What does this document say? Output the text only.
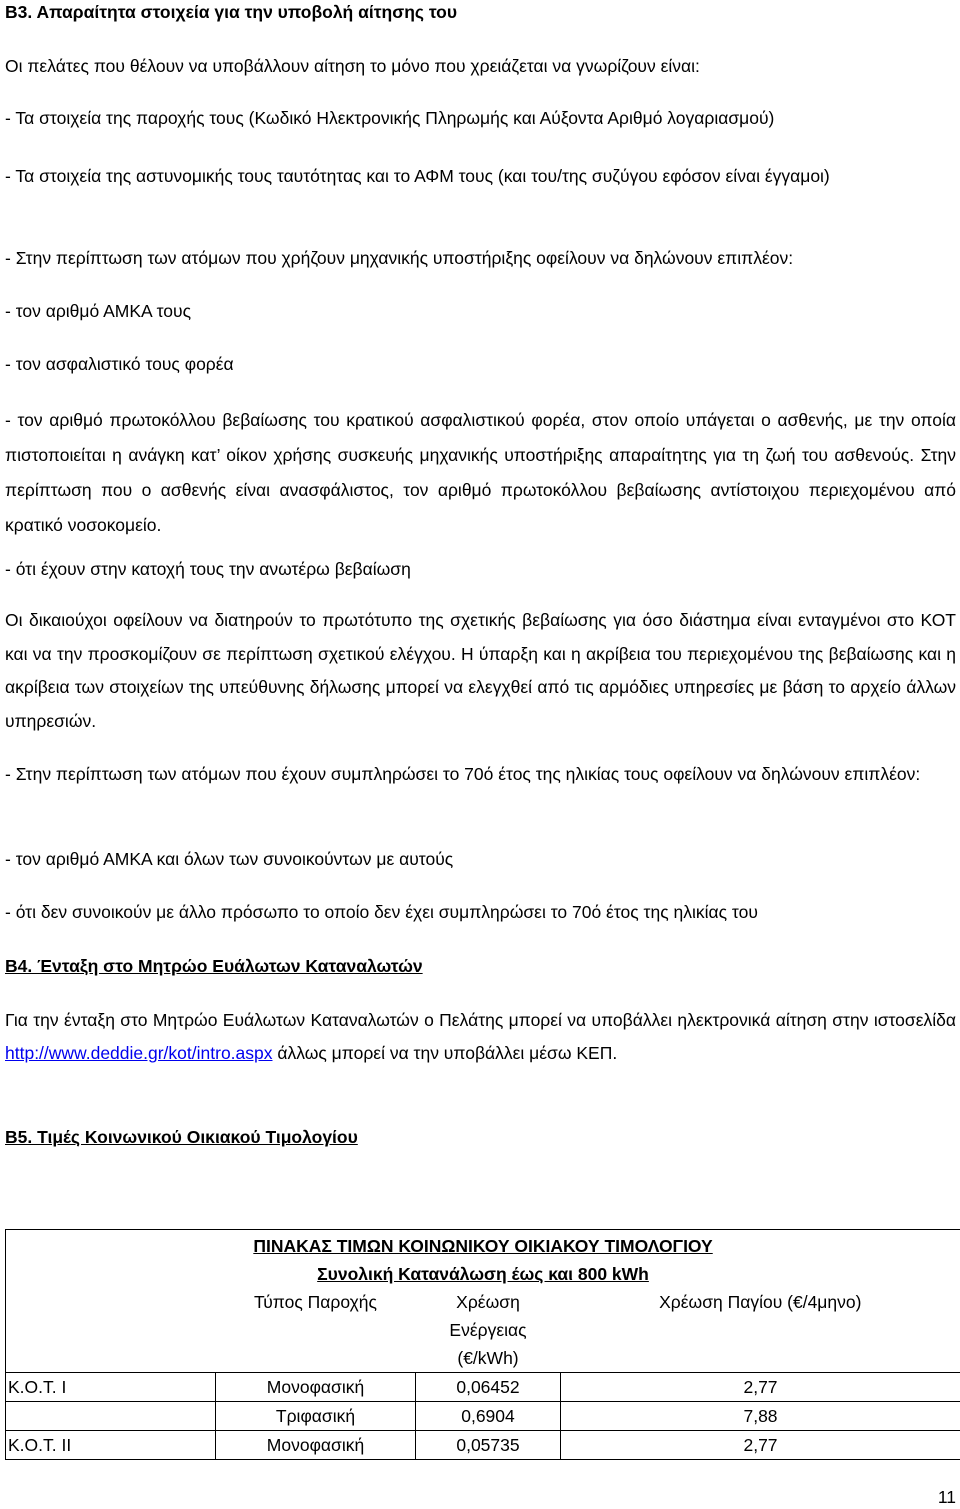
Β3. Απαραίτητα στοιχεία για την υποβολή αίτησης του
Οι πελάτες που θέλουν να υποβάλλουν αίτηση το μόνο που χρειάζεται να γνωρίζουν είναι:
- Τα στοιχεία της παροχής τους (Κωδικό Ηλεκτρονικής Πληρωμής και Αύξοντα Αριθμό λογαριασμού)
- Τα στοιχεία της αστυνομικής τους ταυτότητας και το ΑΦΜ τους (και του/της συζύγου εφόσον είναι έγγαμοι)
- Στην περίπτωση των ατόμων που χρήζουν μηχανικής υποστήριξης οφείλουν να δηλώνουν επιπλέον:
- τον αριθμό ΑΜΚΑ τους
- τον ασφαλιστικό τους φορέα
- τον αριθμό πρωτοκόλλου βεβαίωσης του κρατικού ασφαλιστικού φορέα, στον οποίο υπάγεται ο ασθενής, με την οποία πιστοποιείται η ανάγκη κατ’ οίκον χρήσης συσκευής μηχανικής υποστήριξης απαραίτητης για τη ζωή του ασθενούς. Στην περίπτωση που ο ασθενής είναι ανασφάλιστος, τον αριθμό πρωτοκόλλου βεβαίωσης αντίστοιχου περιεχομένου από κρατικό νοσοκομείο.
- ότι έχουν στην κατοχή τους την ανωτέρω βεβαίωση
Οι δικαιούχοι οφείλουν να διατηρούν το πρωτότυπο της σχετικής βεβαίωσης για όσο διάστημα είναι ενταγμένοι στο ΚΟΤ και να την προσκομίζουν σε περίπτωση σχετικού ελέγχου. Η ύπαρξη και η ακρίβεια του περιεχομένου της βεβαίωσης και η ακρίβεια των στοιχείων της υπεύθυνης δήλωσης μπορεί να ελεγχθεί από τις αρμόδιες υπηρεσίες με βάση το αρχείο άλλων υπηρεσιών.
- Στην περίπτωση των ατόμων που έχουν συμπληρώσει το 70ό έτος της ηλικίας τους οφείλουν να δηλώνουν επιπλέον:
- τον αριθμό ΑΜΚΑ και όλων των συνοικούντων με αυτούς
- ότι δεν συνοικούν με άλλο πρόσωπο το οποίο δεν έχει συμπληρώσει το 70ό έτος της ηλικίας του
Β4. Ένταξη στο Μητρώο Ευάλωτων Καταναλωτών
Για την ένταξη στο Μητρώο Ευάλωτων Καταναλωτών ο Πελάτης μπορεί να υποβάλλει ηλεκτρονικά αίτηση στην ιστοσελίδα http://www.deddie.gr/kot/intro.aspx άλλως μπορεί να την υποβάλλει μέσω ΚΕΠ.
Β5. Τιμές Κοινωνικού Οικιακού Τιμολογίου
ΠΙΝΑΚΑΣ ΤΙΜΩΝ ΚΟΙΝΩΝΙΚΟΥ ΟΙΚΙΑΚΟΥ ΤΙΜΟΛΟΓΙΟΥ			
Συνολική Κατανάλωση έως και 800 kWh			
	Τύπος Παροχής	Χρέωση
Ενέργειας
(€/kWh)	Χρέωση Παγίου (€/4μηνο)
Κ.Ο.Τ. Ι	Μονοφασική	0,06452	2,77
	Τριφασική	0,6904	7,88
Κ.Ο.Τ. ΙΙ	Μονοφασική	0,05735	2,77
11
